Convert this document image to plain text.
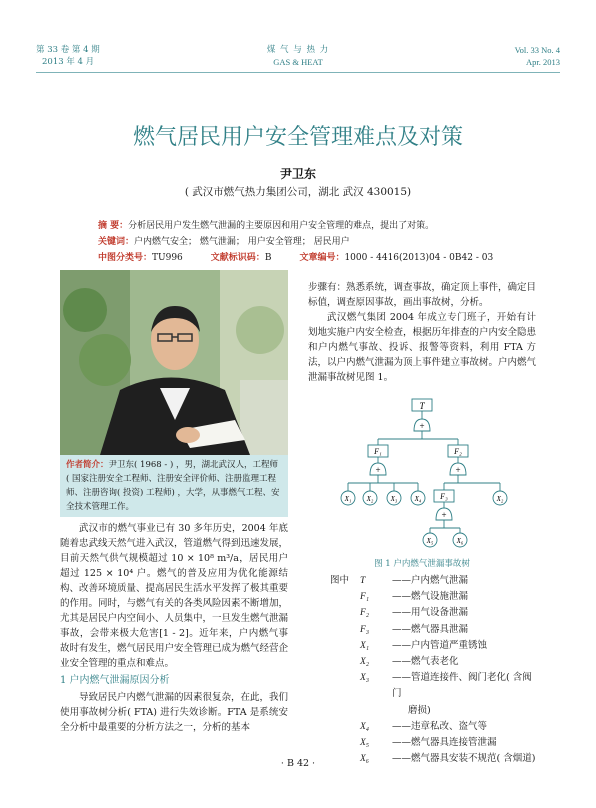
第 33 卷 第 4 期
2013 年 4 月
煤 气 与 热 力
GAS & HEAT
Vol. 33 No. 4
Apr. 2013
燃气居民用户安全管理难点及对策
尹卫东
( 武汉市燃气热力集团公司，湖北 武汉 430015)
摘 要：分析居民用户发生燃气泄漏的主要原因和用户安全管理的难点，提出了对策。
关键词：户内燃气安全； 燃气泄漏； 用户安全管理； 居民用户
中图分类号：TU996	文献标识码：B	文章编号：1000 - 4416(2013)04 - 0B42 - 03
作者简介：尹卫东( 1968 - ) ，男，湖北武汉人，工程师 ( 国家注册安全工程师、注册安全评价师、注册监理工程师、注册咨询( 投资) 工程师) ，大学，从事燃气工程、安全技术管理工作。

武汉市的燃气事业已有 30 多年历史，2004 年底随着忠武线天然气进入武汉，管道燃气得到迅速发展，目前天然气供气规模超过 10 × 10⁸ m³/a，居民用户超过 125 × 10⁴ 户。燃气的普及应用为优化能源结构、改善环境质量、提高居民生活水平发挥了极其重要的作用。同时，与燃气有关的各类风险因素不断增加，尤其是居民户内空间小、人员集中，一旦发生燃气泄漏事故，会带来极大危害[1 - 2]。近年来，户内燃气事故时有发生，燃气居民用户安全管理已成为燃气经营企业安全管理的重点和难点。

1 户内燃气泄漏原因分析

导致居民户内燃气泄漏的因素很复杂，在此，我们使用事故树分析( FTA) 进行失效诊断。FTA 是系统安全分析中最重要的分析方法之一，分析的基本

步骤有：熟悉系统，调查事故，确定顶上事件，确定目标值，调查原因事故，画出事故树，分析。

武汉燃气集团 2004 年成立专门班子，开始有计划地实施户内安全检查，根据历年排查的户内安全隐患和户内燃气事故、投诉、报警等资料，利用 FTA 方法，以户内燃气泄漏为顶上事件建立事故树。户内燃气泄漏事故树见图 1。

T
+
F₁	F₂
+	+
X₁ X₂ X₃ X₄ F₃	X₂
+
X₅	X₆
图 1 户内燃气泄漏事故树
图中	T	——户内燃气泄漏
F₁	——燃气设施泄漏
F₂	——用气设备泄漏
F₃	——燃气器具泄漏
X₁	——户内管道严重锈蚀
X₂	——燃气表老化
X₃	——管道连接件、阀门老化( 含阀门
磨损)
X₄	——违章私改、盗气等
X₅	——燃气器具连接管泄漏
X₆	——燃气器具安装不规范( 含烟道)
· B 42 ·
